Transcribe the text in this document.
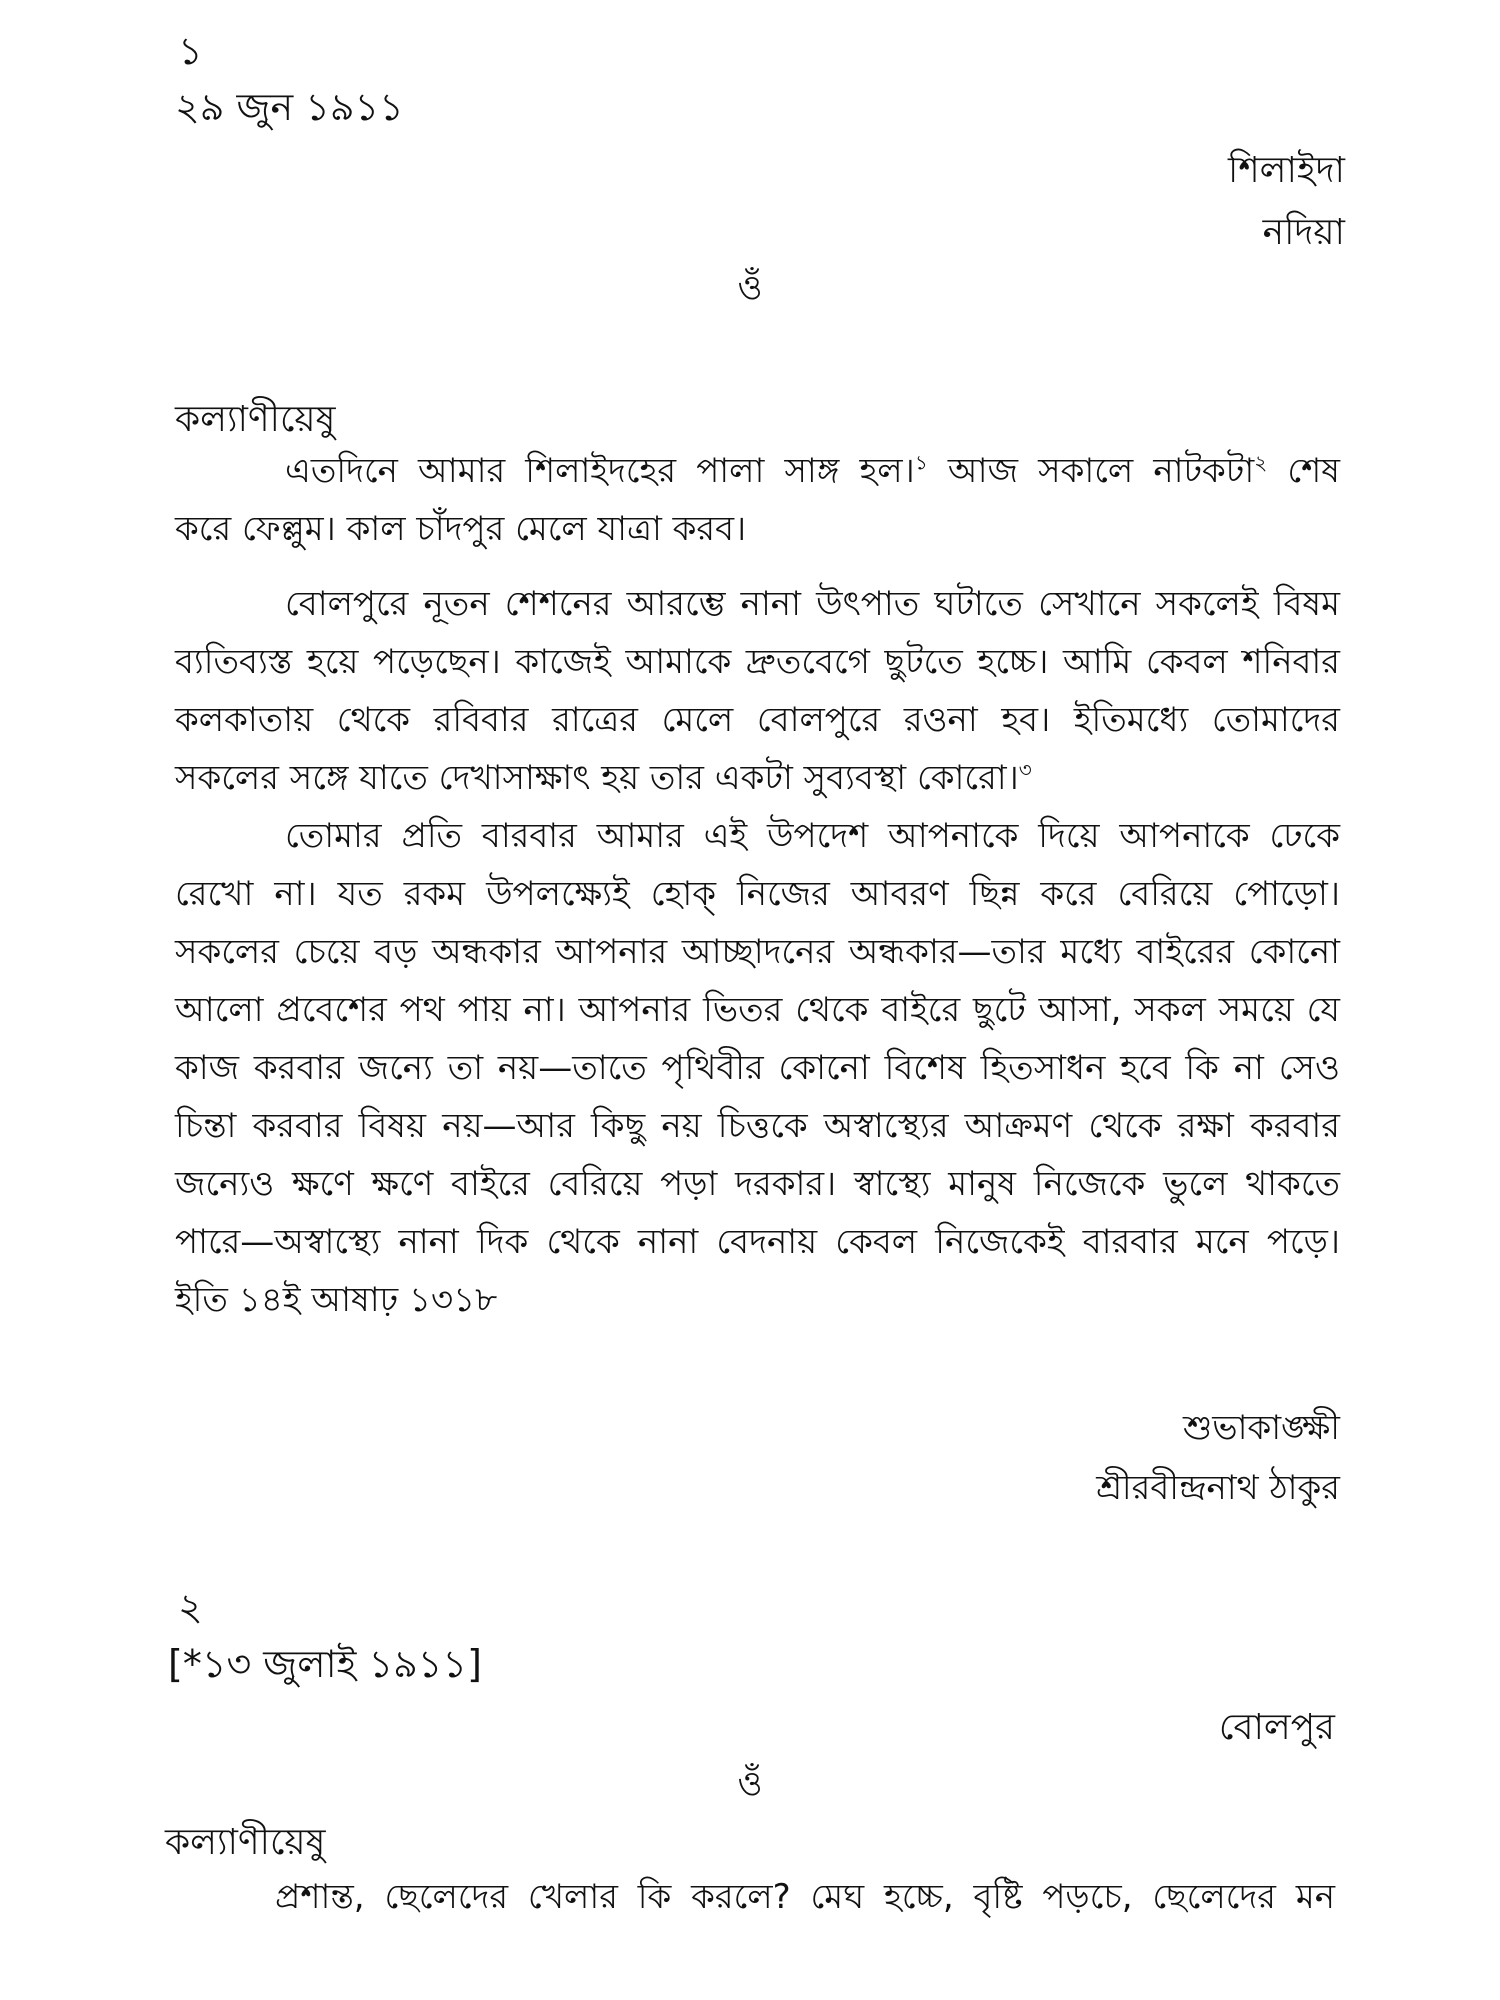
১
২৯ জুন ১৯১১
শিলাইদা
নদিয়া
ওঁ
কল্যাণীয়েষু
এতদিনে আমার শিলাইদহের পালা সাঙ্গ হল।$^১$ আজ সকালে নাটকটা$^২$ শেষ
করে ফেল্লুম। কাল চাঁদপুর মেলে যাত্রা করব।
বোলপুরে নূতন শেশনের আরম্ভে নানা উৎপাত ঘটাতে সেখানে সকলেই বিষম
ব্যতিব্যস্ত হয়ে পড়েছেন। কাজেই আমাকে দ্রুতবেগে ছুটতে হচ্চে। আমি কেবল শনিবার
কলকাতায় থেকে রবিবার রাত্রের মেলে বোলপুরে রওনা হব। ইতিমধ্যে তোমাদের
সকলের সঙ্গে যাতে দেখাসাক্ষাৎ হয় তার একটা সুব্যবস্থা কোরো।$^৩$
তোমার প্রতি বারবার আমার এই উপদেশ আপনাকে দিয়ে আপনাকে ঢেকে
রেখো না। যত রকম উপলক্ষ্যেই হোক্ নিজের আবরণ ছিন্ন করে বেরিয়ে পোড়ো।
সকলের চেয়ে বড় অন্ধকার আপনার আচ্ছাদনের অন্ধকার—তার মধ্যে বাইরের কোনো
আলো প্রবেশের পথ পায় না। আপনার ভিতর থেকে বাইরে ছুটে আসা, সকল সময়ে যে
কাজ করবার জন্যে তা নয়—তাতে পৃথিবীর কোনো বিশেষ হিতসাধন হবে কি না সেও
চিন্তা করবার বিষয় নয়—আর কিছু নয় চিত্তকে অস্বাস্থ্যের আক্রমণ থেকে রক্ষা করবার
জন্যেও ক্ষণে ক্ষণে বাইরে বেরিয়ে পড়া দরকার। স্বাস্থ্যে মানুষ নিজেকে ভুলে থাকতে
পারে—অস্বাস্থ্যে নানা দিক থেকে নানা বেদনায় কেবল নিজেকেই বারবার মনে পড়ে।
ইতি ১৪ই আষাঢ় ১৩১৮
শুভাকাঙ্ক্ষী
শ্রীরবীন্দ্রনাথ ঠাকুর
২
[*১৩ জুলাই ১৯১১]
বোলপুর
ওঁ
কল্যাণীয়েষু
প্রশান্ত, ছেলেদের খেলার কি করলে? মেঘ হচ্চে, বৃষ্টি পড়চে, ছেলেদের মন
